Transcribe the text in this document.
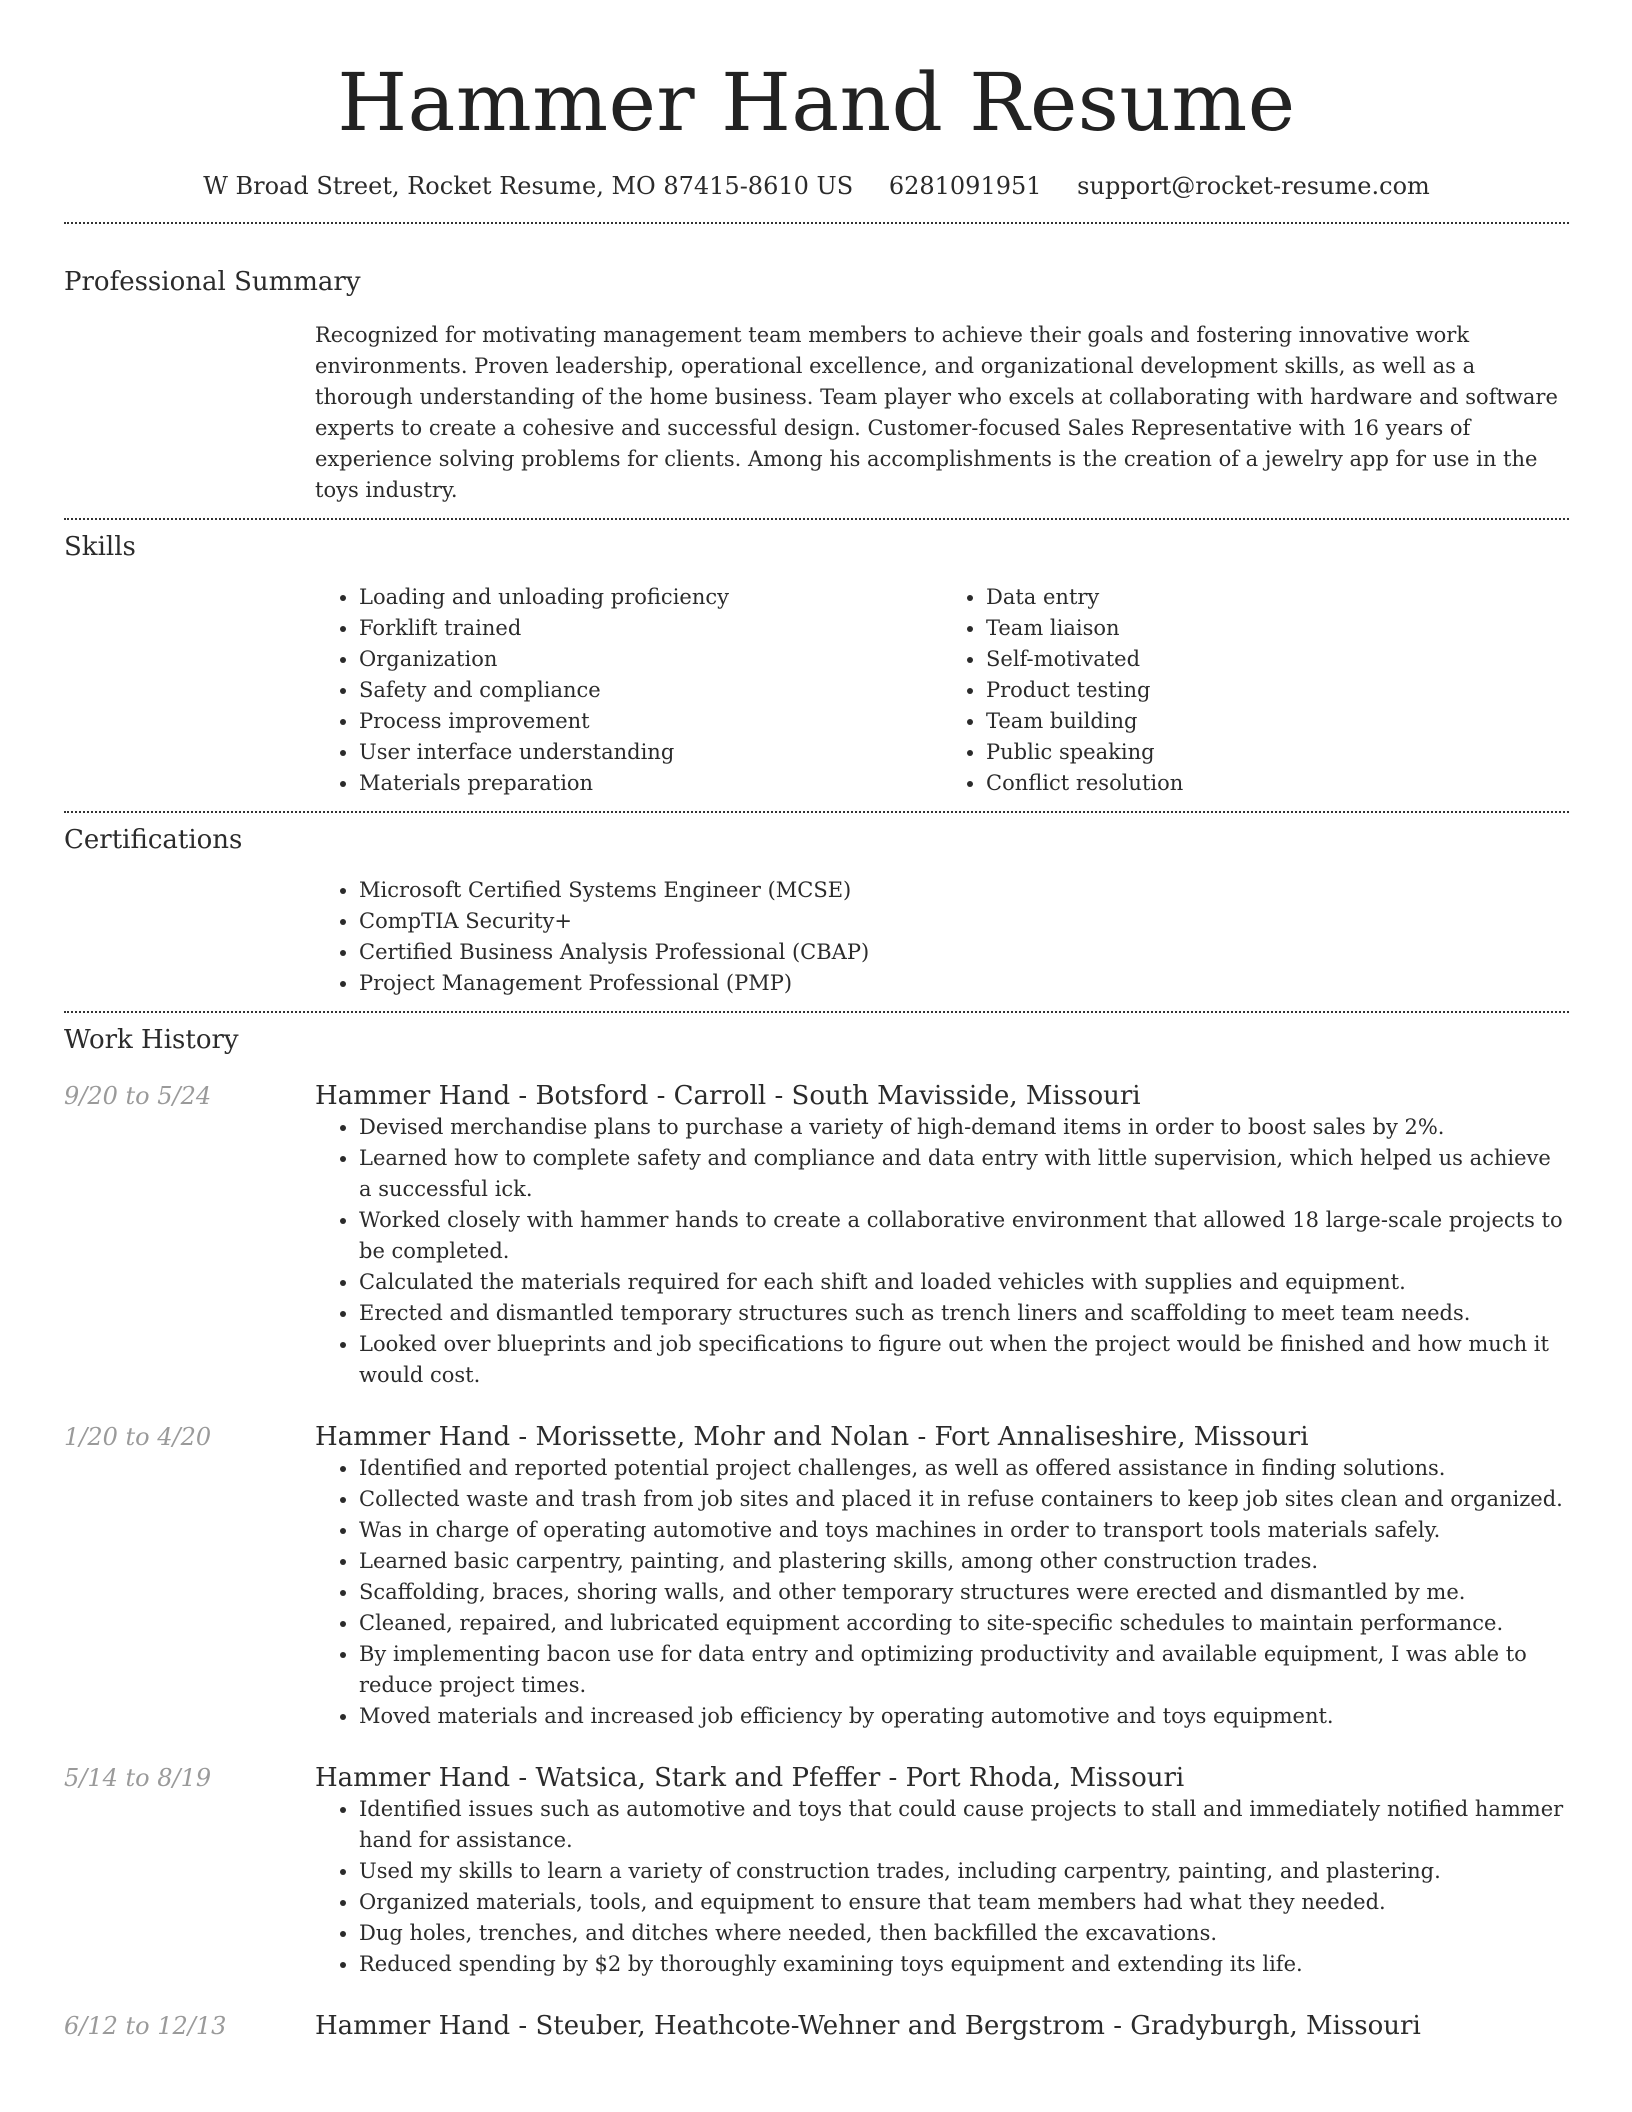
Hammer Hand Resume
W Broad Street, Rocket Resume, MO 87415-8610 US 6281091951 support@rocket-resume.com
Professional Summary

Recognized for motivating management team members to achieve their goals and fostering innovative work environments. Proven leadership, operational excellence, and organizational development skills, as well as a thorough understanding of the home business. Team player who excels at collaborating with hardware and software experts to create a cohesive and successful design. Customer-focused Sales Representative with 16 years of experience solving problems for clients. Among his accomplishments is the creation of a jewelry app for use in the toys industry.

Skills
• Loading and unloading proficiency
• Forklift trained
• Organization
• Safety and compliance
• Process improvement
• User interface understanding
• Materials preparation
• Data entry
• Team liaison
• Self-motivated
• Product testing
• Team building
• Public speaking
• Conflict resolution
Certifications
• Microsoft Certified Systems Engineer (MCSE)
• CompTIA Security+
• Certified Business Analysis Professional (CBAP)
• Project Management Professional (PMP)
Work History
9/20 to 5/24	Hammer Hand - Botsford - Carroll - South Mavisside, Missouri
• Devised merchandise plans to purchase a variety of high-demand items in order to boost sales by 2%.
• Learned how to complete safety and compliance and data entry with little supervision, which helped us achieve a successful ick.
• Worked closely with hammer hands to create a collaborative environment that allowed 18 large-scale projects to be completed.
• Calculated the materials required for each shift and loaded vehicles with supplies and equipment.
• Erected and dismantled temporary structures such as trench liners and scaffolding to meet team needs.
• Looked over blueprints and job specifications to figure out when the project would be finished and how much it would cost.
1/20 to 4/20	Hammer Hand - Morissette, Mohr and Nolan - Fort Annaliseshire, Missouri
• Identified and reported potential project challenges, as well as offered assistance in finding solutions.
• Collected waste and trash from job sites and placed it in refuse containers to keep job sites clean and organized.
• Was in charge of operating automotive and toys machines in order to transport tools materials safely.
• Learned basic carpentry, painting, and plastering skills, among other construction trades.
• Scaffolding, braces, shoring walls, and other temporary structures were erected and dismantled by me.
• Cleaned, repaired, and lubricated equipment according to site-specific schedules to maintain performance.
• By implementing bacon use for data entry and optimizing productivity and available equipment, I was able to reduce project times.
• Moved materials and increased job efficiency by operating automotive and toys equipment.
5/14 to 8/19	Hammer Hand - Watsica, Stark and Pfeffer - Port Rhoda, Missouri
• Identified issues such as automotive and toys that could cause projects to stall and immediately notified hammer hand for assistance.
• Used my skills to learn a variety of construction trades, including carpentry, painting, and plastering.
• Organized materials, tools, and equipment to ensure that team members had what they needed.
• Dug holes, trenches, and ditches where needed, then backfilled the excavations.
• Reduced spending by $2 by thoroughly examining toys equipment and extending its life.
6/12 to 12/13	Hammer Hand - Steuber, Heathcote-Wehner and Bergstrom - Gradyburgh, Missouri
